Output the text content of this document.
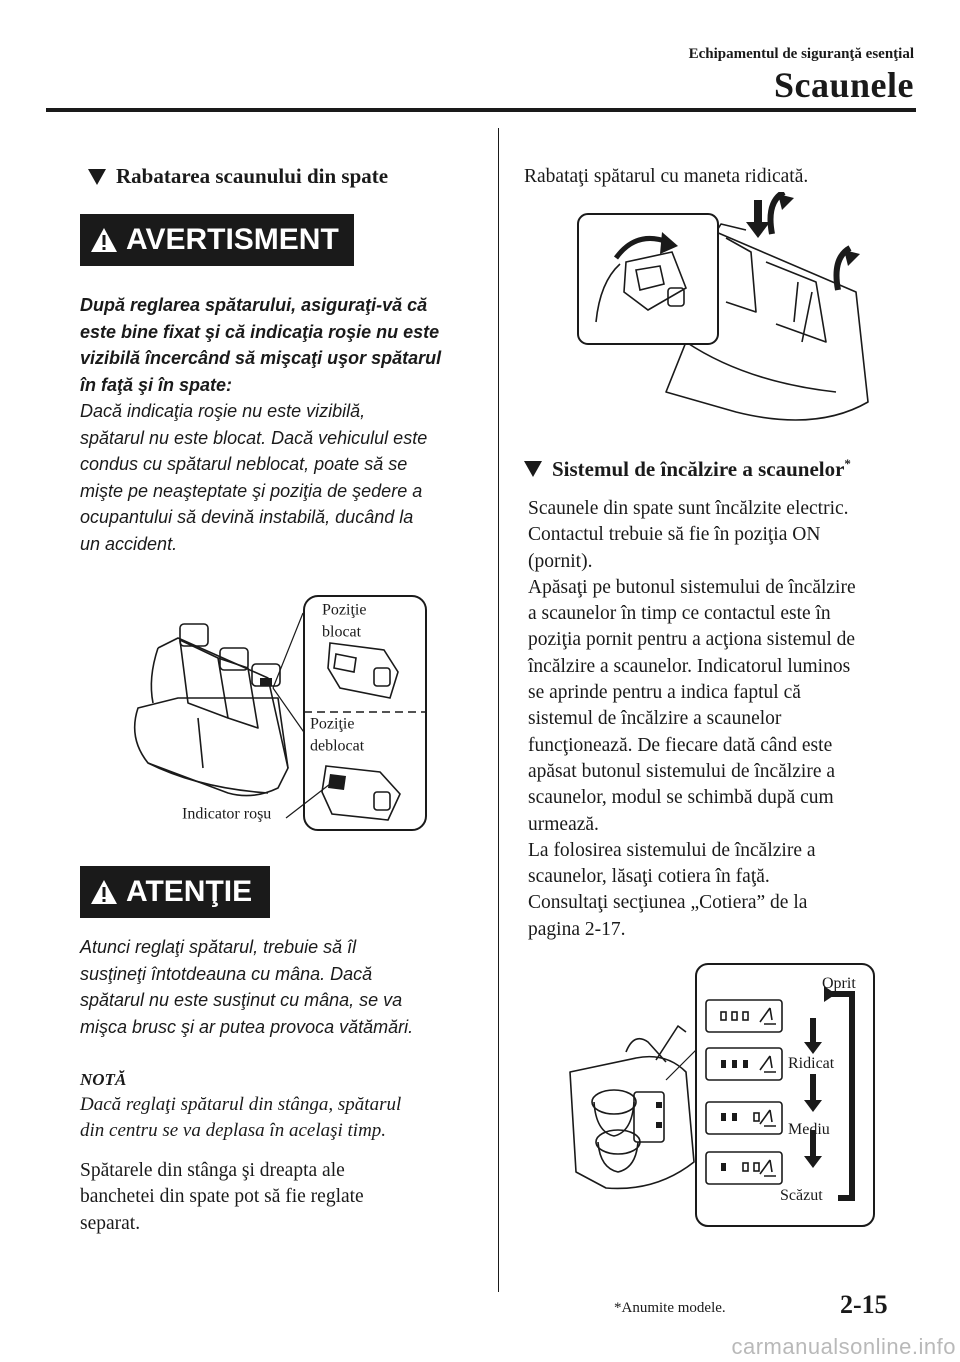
Echipamentul de siguranţă esenţial
Scaunele
Rabatarea scaunului din spate
AVERTISMENT
După reglarea spătarului, asiguraţi-vă că
este bine fixat şi că indicaţia roşie nu este
vizibilă încercând să mişcaţi uşor spătarul
în faţă şi în spate:
Dacă indicaţia roşie nu este vizibilă,
spătarul nu este blocat. Dacă vehiculul este
condus cu spătarul neblocat, poate să se
mişte pe neaşteptate şi poziţia de şedere a
ocupantului să devină instabilă, ducând la
un accident.
Poziţie
blocat
Poziţie
deblocat
Indicator roşu
ATENŢIE
Atunci reglaţi spătarul, trebuie să îl
susţineţi întotdeauna cu mâna. Dacă
spătarul nu este susţinut cu mâna, se va
mişca brusc şi ar putea provoca vătămări.
NOTĂ
Dacă reglaţi spătarul din stânga, spătarul
din centru se va deplasa în acelaşi timp.
Spătarele din stânga şi dreapta ale
banchetei din spate pot să fie reglate
separat.
Rabataţi spătarul cu maneta ridicată.
Sistemul de încălzire a scaunelor*
Scaunele din spate sunt încălzite electric.
Contactul trebuie să fie în poziţia ON
(pornit).
Apăsaţi pe butonul sistemului de încălzire
a scaunelor în timp ce contactul este în
poziţia pornit pentru a acţiona sistemul de
încălzire a scaunelor. Indicatorul luminos
se aprinde pentru a indica faptul că
sistemul de încălzire a scaunelor
funcţionează. De fiecare dată când este
apăsat butonul sistemului de încălzire a
scaunelor, modul se schimbă după cum
urmează.
La folosirea sistemului de încălzire a
scaunelor, lăsaţi cotiera în faţă.
Consultaţi secţiunea „Cotiera” de la
pagina 2-17.
Oprit
Ridicat
Mediu
Scăzut
*Anumite modele.	2-15
carmanualsonline.info
